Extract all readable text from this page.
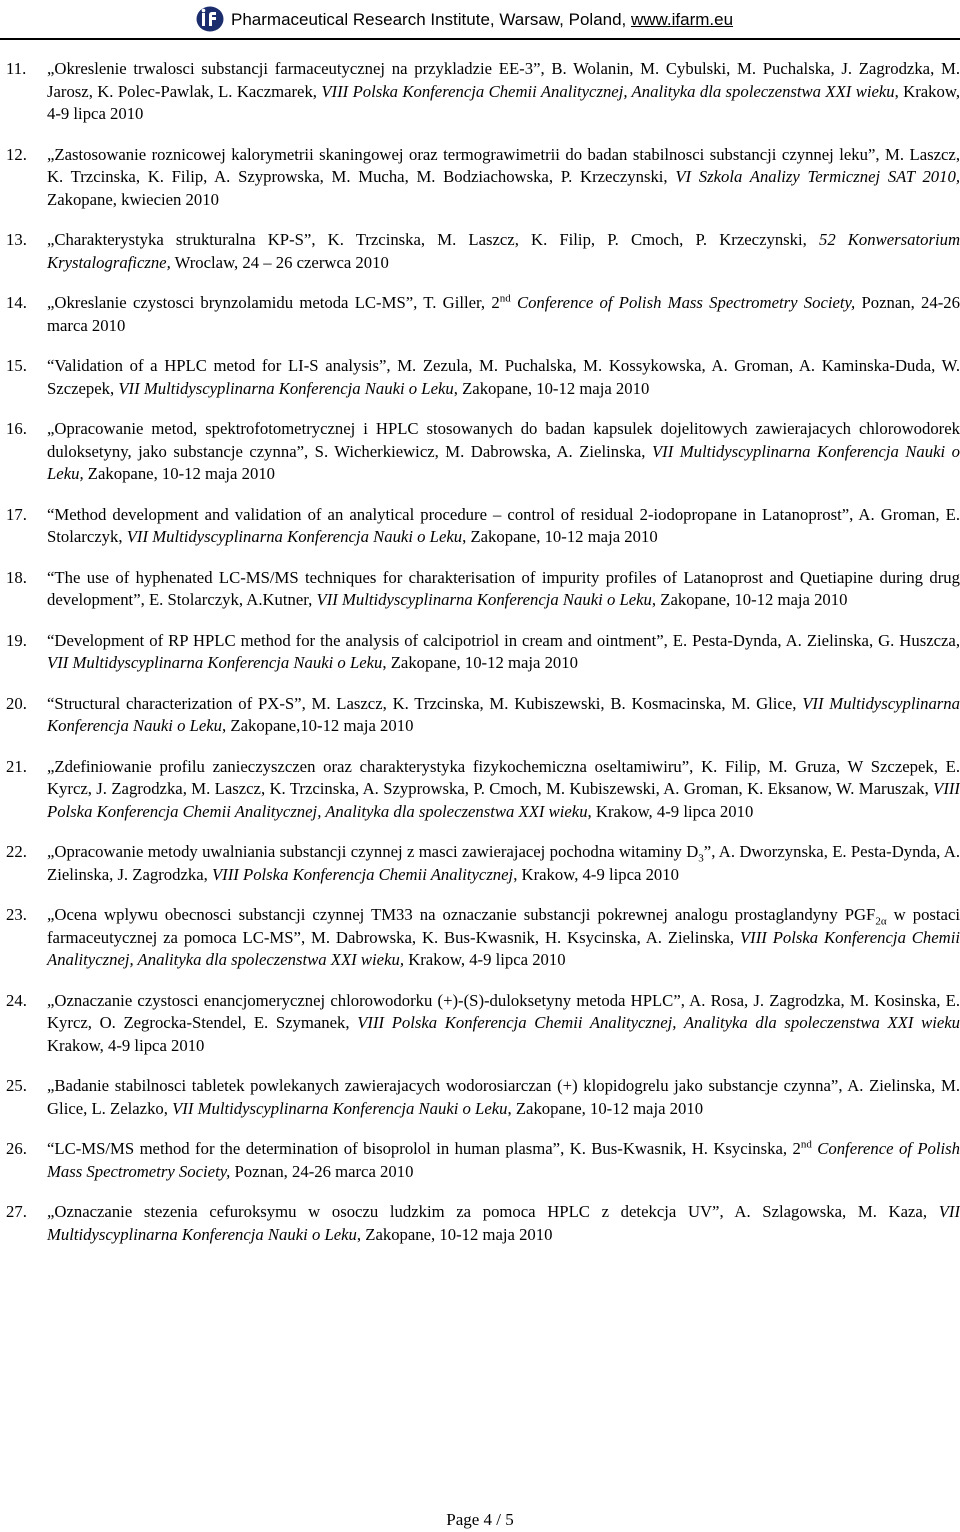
Pharmaceutical Research Institute, Warsaw, Poland, www.ifarm.eu
11. „Okreslenie trwalosci substancji farmaceutycznej na przykladzie EE-3”, B. Wolanin, M. Cybulski, M. Puchalska, J. Zagrodzka, M. Jarosz, K. Polec-Pawlak, L. Kaczmarek, VIII Polska Konferencja Chemii Analitycznej, Analityka dla spoleczenstwa XXI wieku, Krakow, 4-9 lipca 2010
12. „Zastosowanie roznicowej kalorymetrii skaningowej oraz termograwimetrii do badan stabilnosci substancji czynnej leku”, M. Laszcz, K. Trzcinska, K. Filip, A. Szyprowska, M. Mucha, M. Bodziachowska, P. Krzeczynski, VI Szkola Analizy Termicznej SAT 2010, Zakopane, kwiecien 2010
13. „Charakterystyka strukturalna KP-S”, K. Trzcinska, M. Laszcz, K. Filip, P. Cmoch, P. Krzeczynski, 52 Konwersatorium Krystalograficzne, Wroclaw, 24 – 26 czerwca 2010
14. „Okreslanie czystosci brynzolamidu metoda LC-MS”, T. Giller, 2nd Conference of Polish Mass Spectrometry Society, Poznan, 24-26 marca 2010
15. “Validation of a HPLC metod for LI-S analysis”, M. Zezula, M. Puchalska, M. Kossykowska, A. Groman, A. Kaminska-Duda, W. Szczepek, VII Multidyscyplinarna Konferencja Nauki o Leku, Zakopane, 10-12 maja 2010
16. „Opracowanie metod, spektrofotometrycznej i HPLC stosowanych do badan kapsulek dojelitowych zawierajacych chlorowodorek duloksetyny, jako substancje czynna”, S. Wicherkiewicz, M. Dabrowska, A. Zielinska, VII Multidyscyplinarna Konferencja Nauki o Leku, Zakopane, 10-12 maja 2010
17. “Method development and validation of an analytical procedure – control of residual 2-iodopropane in Latanoprost”, A. Groman, E. Stolarczyk, VII Multidyscyplinarna Konferencja Nauki o Leku, Zakopane, 10-12 maja 2010
18. “The use of hyphenated LC-MS/MS techniques for charakterisation of impurity profiles of Latanoprost and Quetiapine during drug development”, E. Stolarczyk, A.Kutner, VII Multidyscyplinarna Konferencja Nauki o Leku, Zakopane, 10-12 maja 2010
19. “Development of RP HPLC method for the analysis of calcipotriol in cream and ointment”, E. Pesta-Dynda, A. Zielinska, G. Huszcza, VII Multidyscyplinarna Konferencja Nauki o Leku, Zakopane, 10-12 maja 2010
20. “Structural characterization of PX-S”, M. Laszcz, K. Trzcinska, M. Kubiszewski, B. Kosmacinska, M. Glice, VII Multidyscyplinarna Konferencja Nauki o Leku, Zakopane,10-12 maja 2010
21. „Zdefiniowanie profilu zanieczyszczen oraz charakterystyka fizykochemiczna oseltamiwiru”, K. Filip, M. Gruza, W Szczepek, E. Kyrcz, J. Zagrodzka, M. Laszcz, K. Trzcinska, A. Szyprowska, P. Cmoch, M. Kubiszewski, A. Groman, K. Eksanow, W. Maruszak, VIII Polska Konferencja Chemii Analitycznej, Analityka dla spoleczenstwa XXI wieku, Krakow, 4-9 lipca 2010
22. „Opracowanie metody uwalniania substancji czynnej z masci zawierajacej pochodna witaminy $D_3$”, A. Dworzynska, E. Pesta-Dynda, A. Zielinska, J. Zagrodzka, VIII Polska Konferencja Chemii Analitycznej, Krakow, 4-9 lipca 2010
23. „Ocena wplywu obecnosci substancji czynnej TM33 na oznaczanie substancji pokrewnej analogu prostaglandyny $PGF_{2\alpha}$ w postaci farmaceutycznej za pomoca LC-MS”, M. Dabrowska, K. Bus-Kwasnik, H. Ksycinska, A. Zielinska, VIII Polska Konferencja Chemii Analitycznej, Analityka dla spoleczenstwa XXI wieku, Krakow, 4-9 lipca 2010
24. „Oznaczanie czystosci enancjomerycznej chlorowodorku (+)-(S)-duloksetyny metoda HPLC”, A. Rosa, J. Zagrodzka, M. Kosinska, E. Kyrcz, O. Zegrocka-Stendel, E. Szymanek, VIII Polska Konferencja Chemii Analitycznej, Analityka dla spoleczenstwa XXI wieku Krakow, 4-9 lipca 2010
25. „Badanie stabilnosci tabletek powlekanych zawierajacych wodorosiarczan (+) klopidogrelu jako substancje czynna”, A. Zielinska, M. Glice, L. Zelazko, VII Multidyscyplinarna Konferencja Nauki o Leku, Zakopane, 10-12 maja 2010
26. “LC-MS/MS method for the determination of bisoprolol in human plasma”, K. Bus-Kwasnik, H. Ksycinska, 2nd Conference of Polish Mass Spectrometry Society, Poznan, 24-26 marca 2010
27. „Oznaczanie stezenia cefuroksymu w osoczu ludzkim za pomoca HPLC z detekcja UV”, A. Szlagowska, M. Kaza, VII Multidyscyplinarna Konferencja Nauki o Leku, Zakopane, 10-12 maja 2010
Page 4 / 5
